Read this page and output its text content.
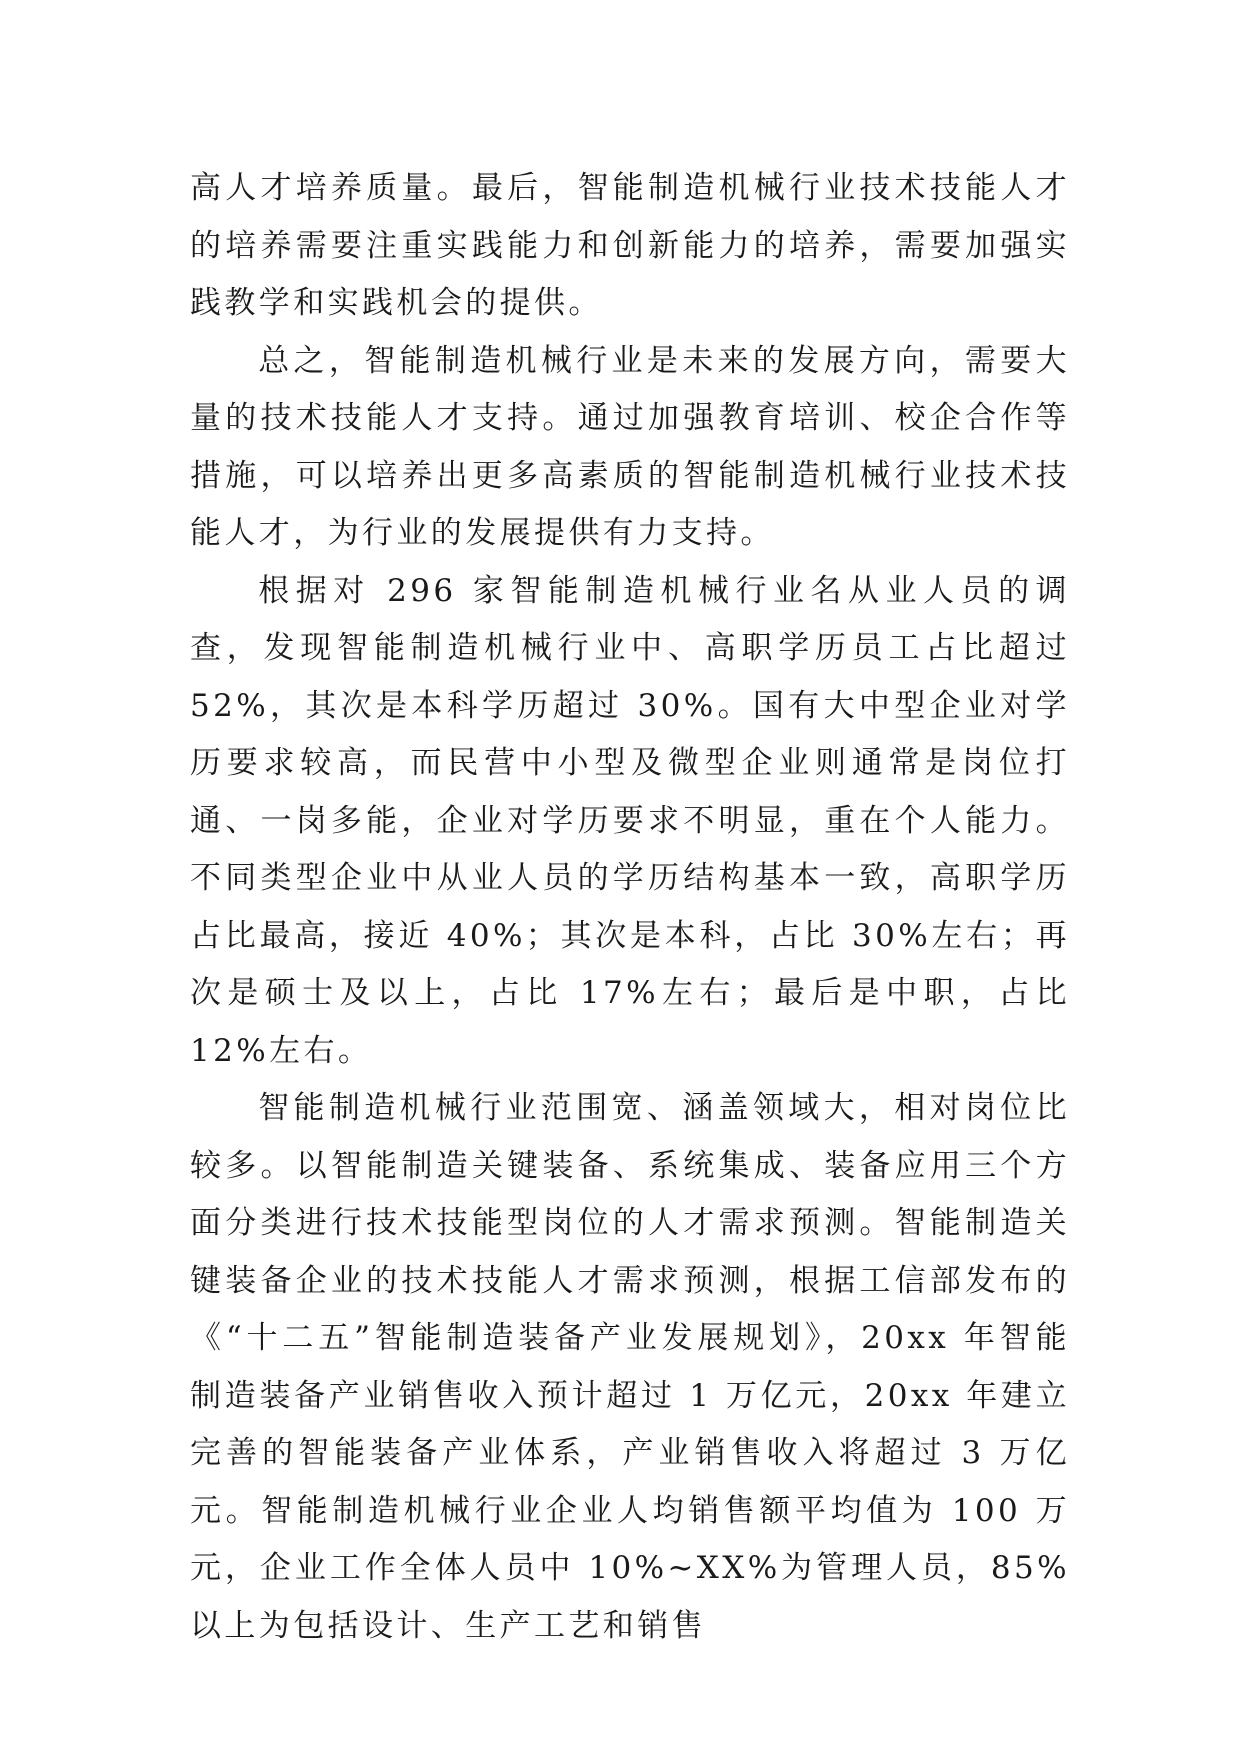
高人才培养质量。最后，智能制造机械行业技术技能人才的培养需要注重实践能力和创新能力的培养，需要加强实践教学和实践机会的提供。

总之，智能制造机械行业是未来的发展方向，需要大量的技术技能人才支持。通过加强教育培训、校企合作等措施，可以培养出更多高素质的智能制造机械行业技术技能人才，为行业的发展提供有力支持。

根据对 296 家智能制造机械行业名从业人员的调查，发现智能制造机械行业中、高职学历员工占比超过 52%，其次是本科学历超过 30%。国有大中型企业对学历要求较高，而民营中小型及微型企业则通常是岗位打通、一岗多能，企业对学历要求不明显，重在个人能力。不同类型企业中从业人员的学历结构基本一致，高职学历占比最高，接近 40%；其次是本科，占比 30%左右；再次是硕士及以上，占比 17%左右；最后是中职，占比 12%左右。

智能制造机械行业范围宽、涵盖领域大，相对岗位比较多。以智能制造关键装备、系统集成、装备应用三个方面分类进行技术技能型岗位的人才需求预测。智能制造关键装备企业的技术技能人才需求预测，根据工信部发布的《“十二五”智能制造装备产业发展规划》，20xx 年智能制造装备产业销售收入预计超过 1 万亿元，20xx 年建立完善的智能装备产业体系，产业销售收入将超过 3 万亿元。智能制造机械行业企业人均销售额平均值为 100 万元，企业工作全体人员中 10%~XX%为管理人员，85%以上为包括设计、生产工艺和销售
